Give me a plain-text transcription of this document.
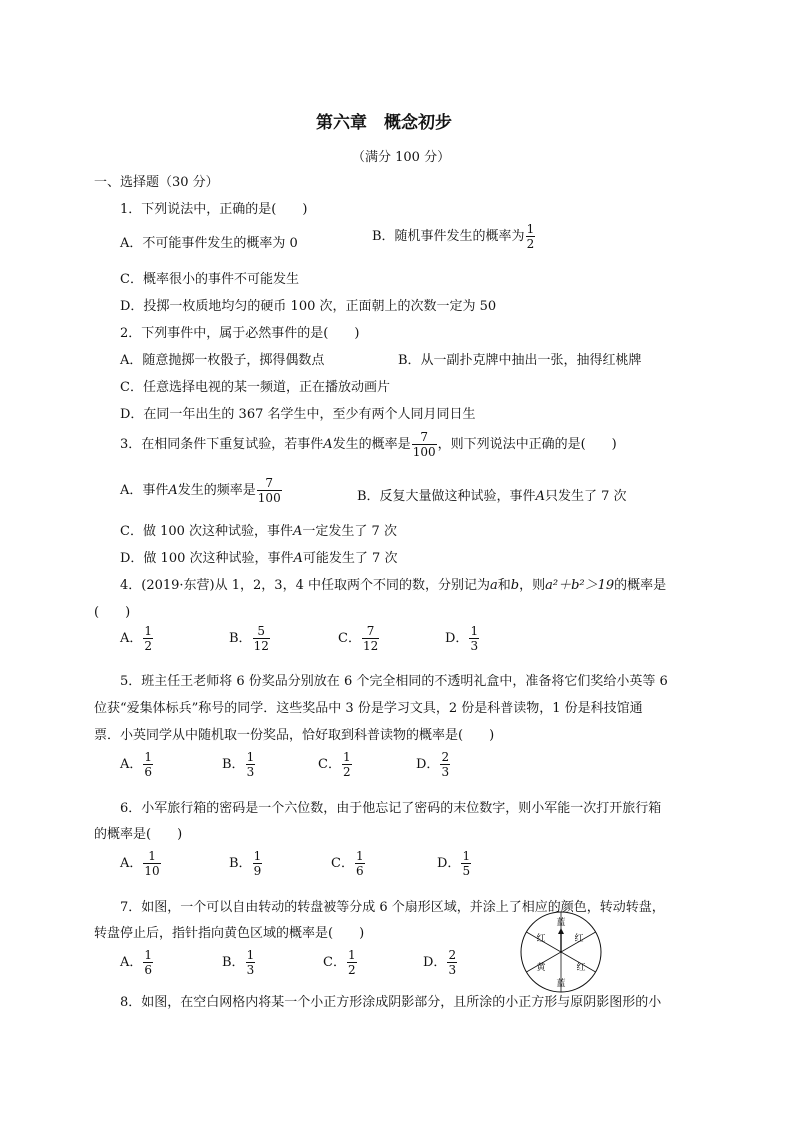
第六章　概念初步
（满分 100 分）
一、选择题（30 分）
1．下列说法中，正确的是(　　)
A．不可能事件发生的概率为 0	B．随机事件发生的概率为 $\frac{1}{2}$
C．概率很小的事件不可能发生
D．投掷一枚质地均匀的硬币 100 次，正面朝上的次数一定为 50
2．下列事件中，属于必然事件的是(　　)
A．随意抛掷一枚骰子，掷得偶数点	B．从一副扑克牌中抽出一张，抽得红桃牌
C．任意选择电视的某一频道，正在播放动画片
D．在同一年出生的 367 名学生中，至少有两个人同月同日生
3．在相同条件下重复试验，若事件A发生的概率是 $\frac{7}{100}$ ，则下列说法中正确的是(　　)
A．事件A发生的频率是 $\frac{7}{100}$	B．反复大量做这种试验，事件A只发生了 7 次
C．做 100 次这种试验，事件A一定发生了 7 次
D．做 100 次这种试验，事件A可能发生了 7 次
4．(2019·东营)从 1，2，3，4 中任取两个不同的数，分别记为a和b，则a²＋b²＞19的概率是
(　　)
A． $\frac{1}{2}$	B． $\frac{5}{12}$	C． $\frac{7}{12}$	D． $\frac{1}{3}$
5．班主任王老师将 6 份奖品分别放在 6 个完全相同的不透明礼盒中，准备将它们奖给小英等 6
位获“爱集体标兵”称号的同学．这些奖品中 3 份是学习文具，2 份是科普读物，1 份是科技馆通
票．小英同学从中随机取一份奖品，恰好取到科普读物的概率是(　　)
A． $\frac{1}{6}$	B． $\frac{1}{3}$	C． $\frac{1}{2}$	D． $\frac{2}{3}$
6．小军旅行箱的密码是一个六位数，由于他忘记了密码的末位数字，则小军能一次打开旅行箱
的概率是(　　)
A． $\frac{1}{10}$	B． $\frac{1}{9}$	C． $\frac{1}{6}$	D． $\frac{1}{5}$
7．如图，一个可以自由转动的转盘被等分成 6 个扇形区域，并涂上了相应的颜色，转动转盘，
转盘停止后，指针指向黄色区域的概率是(　　)
A． $\frac{1}{6}$	B． $\frac{1}{3}$	C． $\frac{1}{2}$	D． $\frac{2}{3}$
蓝
红
红
蓝
黄	红
8．如图，在空白网格内将某一个小正方形涂成阴影部分，且所涂的小正方形与原阴影图形的小
